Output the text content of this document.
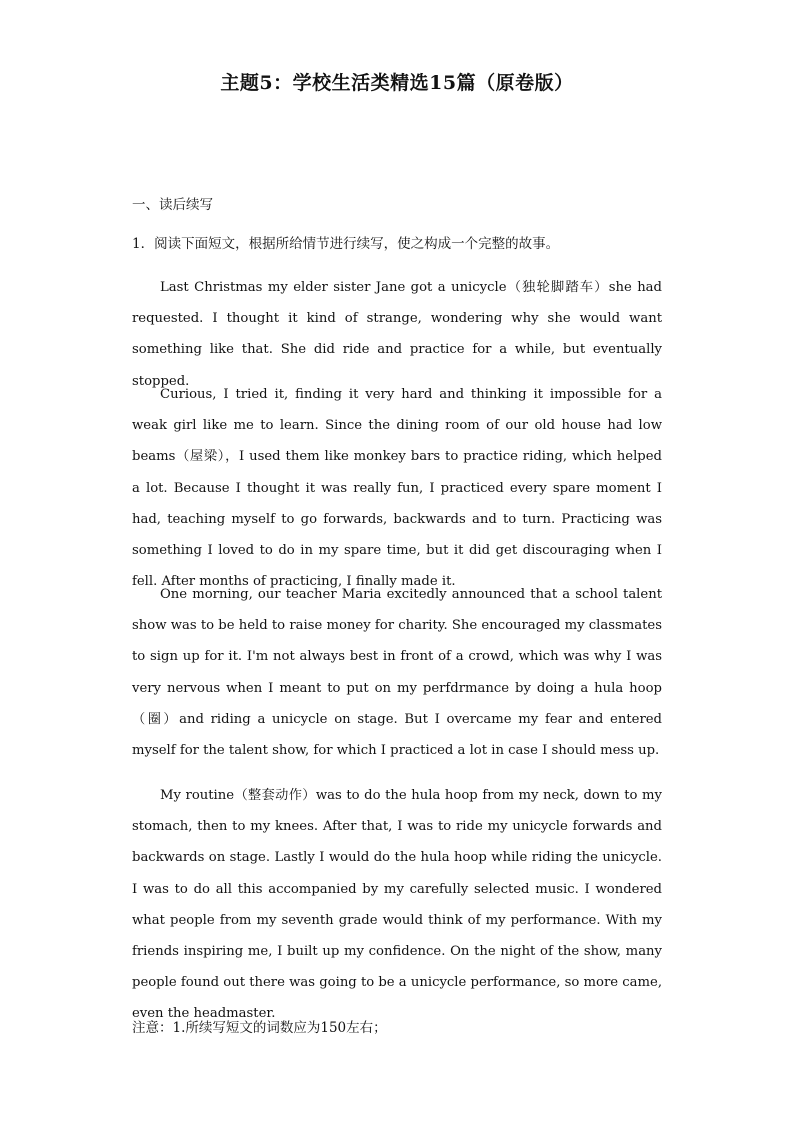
主题5：学校生活类精选15篇（原卷版）
一、读后续写
1．阅读下面短文，根据所给情节进行续写，使之构成一个完整的故事。

Last Christmas my elder sister Jane got a unicycle（独轮脚踏车）she had requested. I thought it kind of strange, wondering why she would want something like that. She did ride and practice for a while, but eventually stopped.

Curious, I tried it, finding it very hard and thinking it impossible for a weak girl like me to learn. Since the dining room of our old house had low beams（屋梁），I used them like monkey bars to practice riding, which helped a lot. Because I thought it was really fun, I practiced every spare moment I had, teaching myself to go forwards, backwards and to turn. Practicing was something I loved to do in my spare time, but it did get discouraging when I fell. After months of practicing, I finally made it.

One morning, our teacher Maria excitedly announced that a school talent show was to be held to raise money for charity. She encouraged my classmates to sign up for it. I'm not always best in front of a crowd, which was why I was very nervous when I meant to put on my perfdrmance by doing a hula hoop（圈）and riding a unicycle on stage. But I overcame my fear and entered myself for the talent show, for which I practiced a lot in case I should mess up.

My routine（整套动作）was to do the hula hoop from my neck, down to my stomach, then to my knees. After that, I was to ride my unicycle forwards and backwards on stage. Lastly I would do the hula hoop while riding the unicycle. I was to do all this accompanied by my carefully selected music. I wondered what people from my seventh grade would think of my performance. With my friends inspiring me, I built up my confidence. On the night of the show, many people found out there was going to be a unicycle performance, so more came, even the headmaster.

注意：1.所续写短文的词数应为150左右；
